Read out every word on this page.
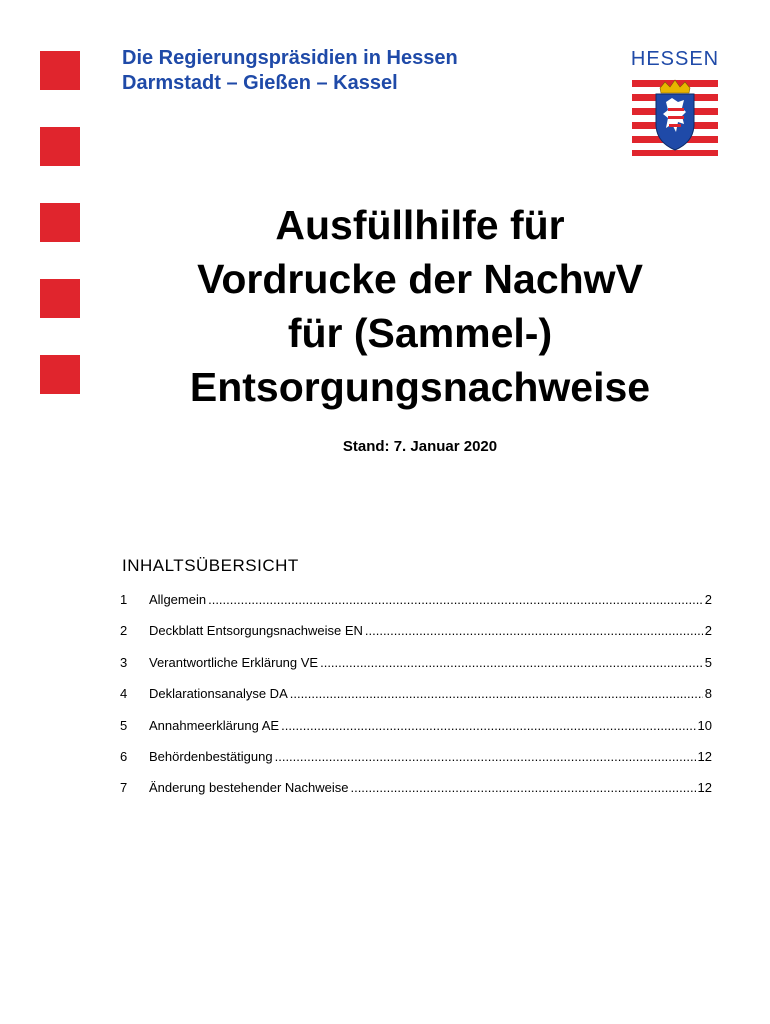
Die Regierungspräsidien in Hessen
Darmstadt – Gießen – Kassel
HESSEN
Ausfüllhilfe für
Vordrucke der NachwV
für (Sammel-)
Entsorgungsnachweise
Stand: 7. Januar 2020
INHALTSÜBERSICHT
1	Allgemein .....	2
2	Deckblatt Entsorgungsnachweise EN .....	2
3	Verantwortliche Erklärung VE .....	5
4	Deklarationsanalyse DA .....	8
5	Annahmeerklärung AE .....	10
6	Behördenbestätigung .....	12
7	Änderung bestehender Nachweise .....	12
